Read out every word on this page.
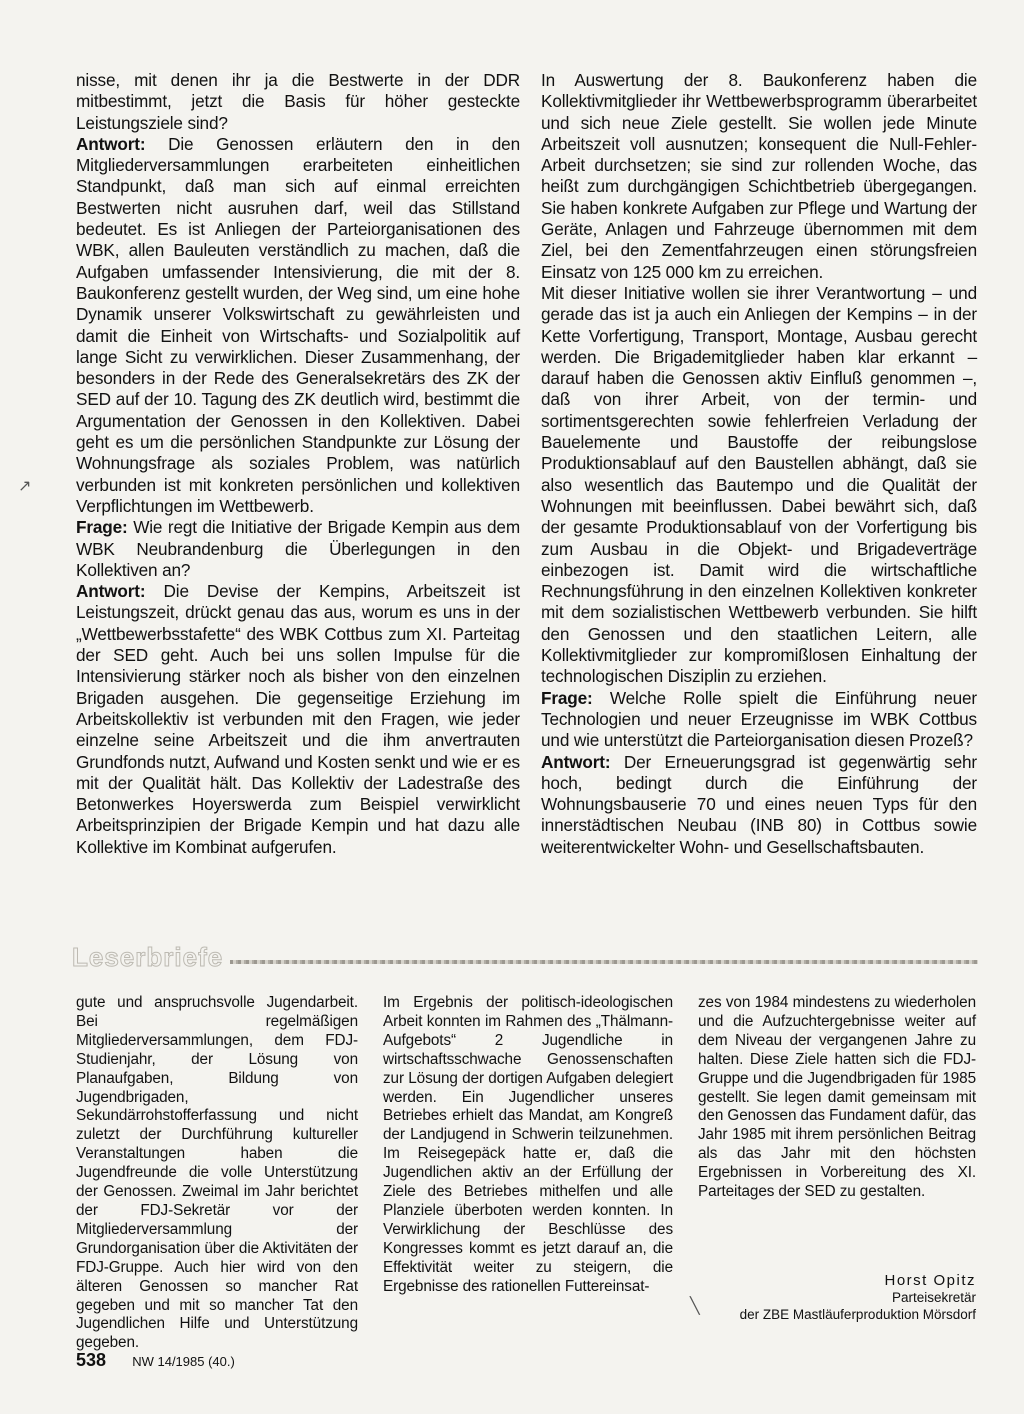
nisse, mit denen ihr ja die Bestwerte in der DDR mitbestimmt, jetzt die Basis für höher gesteckte Leistungsziele sind?

Antwort: Die Genossen erläutern den in den Mitgliederversammlungen erarbeiteten einheitlichen Standpunkt, daß man sich auf einmal erreichten Bestwerten nicht ausruhen darf, weil das Stillstand bedeutet. Es ist Anliegen der Parteiorganisationen des WBK, allen Bauleuten verständlich zu machen, daß die Aufgaben umfassender Intensivierung, die mit der 8. Baukonferenz gestellt wurden, der Weg sind, um eine hohe Dynamik unserer Volkswirtschaft zu gewährleisten und damit die Einheit von Wirtschafts- und Sozialpolitik auf lange Sicht zu verwirklichen. Dieser Zusammenhang, der besonders in der Rede des Generalsekretärs des ZK der SED auf der 10. Tagung des ZK deutlich wird, bestimmt die Argumentation der Genossen in den Kollektiven. Dabei geht es um die persönlichen Standpunkte zur Lösung der Wohnungsfrage als soziales Problem, was natürlich verbunden ist mit konkreten persönlichen und kollektiven Verpflichtungen im Wettbewerb.

Frage: Wie regt die Initiative der Brigade Kempin aus dem WBK Neubrandenburg die Überlegungen in den Kollektiven an?

Antwort: Die Devise der Kempins, Arbeitszeit ist Leistungszeit, drückt genau das aus, worum es uns in der „Wettbewerbsstafette“ des WBK Cottbus zum XI. Parteitag der SED geht. Auch bei uns sollen Impulse für die Intensivierung stärker noch als bisher von den einzelnen Brigaden ausgehen. Die gegenseitige Erziehung im Arbeitskollektiv ist verbunden mit den Fragen, wie jeder einzelne seine Arbeitszeit und die ihm anvertrauten Grundfonds nutzt, Aufwand und Kosten senkt und wie er es mit der Qualität hält. Das Kollektiv der Ladestraße des Betonwerkes Hoyerswerda zum Beispiel verwirklicht Arbeitsprinzipien der Brigade Kempin und hat dazu alle Kollektive im Kombinat aufgerufen.

In Auswertung der 8. Baukonferenz haben die Kollektivmitglieder ihr Wettbewerbsprogramm überarbeitet und sich neue Ziele gestellt. Sie wollen jede Minute Arbeitszeit voll ausnutzen; konsequent die Null-Fehler-Arbeit durchsetzen; sie sind zur rollenden Woche, das heißt zum durchgängigen Schichtbetrieb übergegangen. Sie haben konkrete Aufgaben zur Pflege und Wartung der Geräte, Anlagen und Fahrzeuge übernommen mit dem Ziel, bei den Zementfahrzeugen einen störungsfreien Einsatz von 125 000 km zu erreichen.

Mit dieser Initiative wollen sie ihrer Verantwortung – und gerade das ist ja auch ein Anliegen der Kempins – in der Kette Vorfertigung, Transport, Montage, Ausbau gerecht werden. Die Brigademitglieder haben klar erkannt – darauf haben die Genossen aktiv Einfluß genommen –, daß von ihrer Arbeit, von der termin- und sortimentsgerechten sowie fehlerfreien Verladung der Bauelemente und Baustoffe der reibungslose Produktionsablauf auf den Baustellen abhängt, daß sie also wesentlich das Bautempo und die Qualität der Wohnungen mit beeinflussen. Dabei bewährt sich, daß der gesamte Produktionsablauf von der Vorfertigung bis zum Ausbau in die Objekt- und Brigadeverträge einbezogen ist. Damit wird die wirtschaftliche Rechnungsführung in den einzelnen Kollektiven konkreter mit dem sozialistischen Wettbewerb verbunden. Sie hilft den Genossen und den staatlichen Leitern, alle Kollektivmitglieder zur kompromißlosen Einhaltung der technologischen Disziplin zu erziehen.

Frage: Welche Rolle spielt die Einführung neuer Technologien und neuer Erzeugnisse im WBK Cottbus und wie unterstützt die Parteiorganisation diesen Prozeß?

Antwort: Der Erneuerungsgrad ist gegenwärtig sehr hoch, bedingt durch die Einführung der Wohnungsbauserie 70 und eines neuen Typs für den innerstädtischen Neubau (INB 80) in Cottbus sowie weiterentwickelter Wohn- und Gesellschaftsbauten.

↗
Leserbriefe

gute und anspruchsvolle Jugendarbeit. Bei regelmäßigen Mitgliederversammlungen, dem FDJ-Studienjahr, der Lösung von Planaufgaben, Bildung von Jugendbrigaden, Sekundärrohstofferfassung und nicht zuletzt der Durchführung kultureller Veranstaltungen haben die Jugendfreunde die volle Unterstützung der Genossen. Zweimal im Jahr berichtet der FDJ-Sekretär vor der Mitgliederversammlung der Grundorganisation über die Aktivitäten der FDJ-Gruppe. Auch hier wird von den älteren Genossen so mancher Rat gegeben und mit so mancher Tat den Jugendlichen Hilfe und Unterstützung gegeben.

Im Ergebnis der politisch-ideologischen Arbeit konnten im Rahmen des „Thälmann-Aufgebots“ 2 Jugendliche in wirtschaftsschwache Genossenschaften zur Lösung der dortigen Aufgaben delegiert werden. Ein Jugendlicher unseres Betriebes erhielt das Mandat, am Kongreß der Landjugend in Schwerin teilzunehmen. Im Reisegepäck hatte er, daß die Jugendlichen aktiv an der Erfüllung der Ziele des Betriebes mithelfen und alle Planziele überboten werden konnten. In Verwirklichung der Beschlüsse des Kongresses kommt es jetzt darauf an, die Effektivität weiter zu steigern, die Ergebnisse des rationellen Futtereinsat-

zes von 1984 mindestens zu wiederholen und die Aufzuchtergebnisse weiter auf dem Niveau der vergangenen Jahre zu halten. Diese Ziele hatten sich die FDJ-Gruppe und die Jugendbrigaden für 1985 gestellt. Sie legen damit gemeinsam mit den Genossen das Fundament dafür, das Jahr 1985 mit ihrem persönlichen Beitrag als das Jahr mit den höchsten Ergebnissen in Vorbereitung des XI. Parteitages der SED zu gestalten.

Horst Opitz
Parteisekretär
der ZBE Mastläuferproduktion Mörsdorf
╲
538 NW 14/1985 (40.)
